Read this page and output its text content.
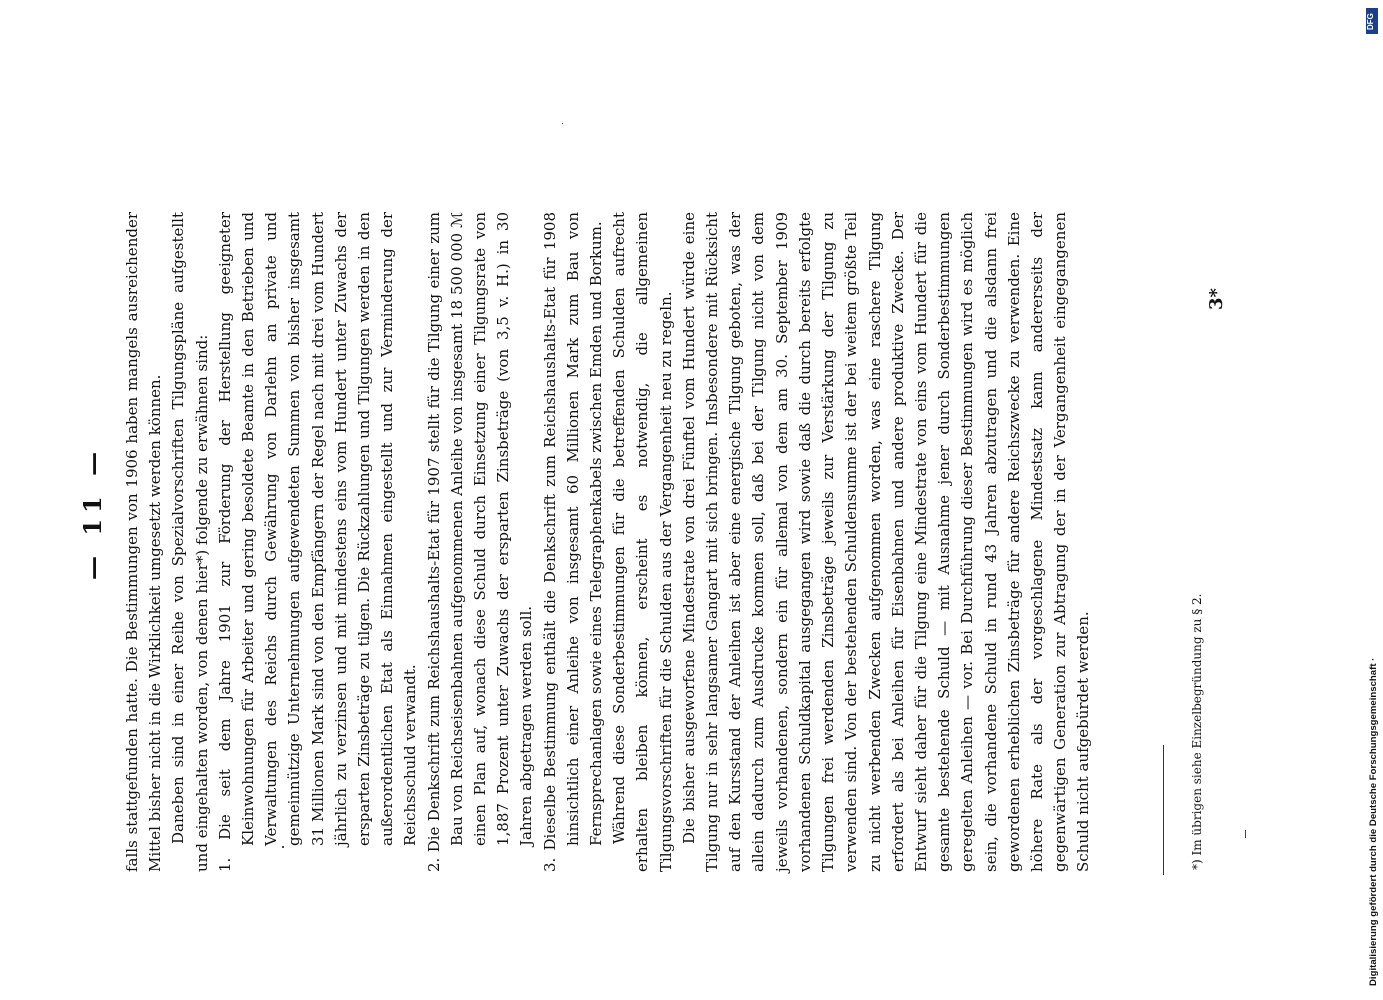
— 11 — falls stattgefunden hatte. Die Bestimmungen von 1906 haben mangels ausreichender Mittel bisher nicht in die Wirklichkeit umgesetzt werden können. Daneben sind in einer Reihe von Spezialvorschriften Tilgungspläne aufgestellt und eingehalten worden, von denen hier*) folgende zu erwähnen sind: 1. Die seit dem Jahre 1901 zur Förderung der Herstellung geeigneter Kleinwohnungen für Arbeiter und gering besoldete Beamte in den Betrieben und Verwaltungen des Reichs durch Gewährung von Darlehn an private und gemeinnützige Unternehmungen aufgewendeten Summen von bisher insgesamt 31 Millionen Mark sind von den Empfängern der Regel nach mit drei vom Hundert jährlich zu verzinsen und mit mindestens eins vom Hundert unter Zuwachs der ersparten Zinsbeträge zu tilgen. Die Rückzahlungen und Tilgungen werden in den außerordentlichen Etat als Einnahmen eingestellt und zur Verminderung der Reichsschuld verwandt. 2. Die Denkschrift zum Reichshaushalts-Etat für 1907 stellt für die Tilgung einer zum Bau von Reichseisenbahnen aufgenommenen Anleihe von insgesamt 18 500 000 ℳ einen Plan auf, wonach diese Schuld durch Einsetzung einer Tilgungsrate von 1,887 Prozent unter Zuwachs der ersparten Zinsbeträge (von 3,5 v. H.) in 30 Jahren abgetragen werden soll. 3. Dieselbe Bestimmung enthält die Denkschrift zum Reichshaushalts-Etat für 1908 hinsichtlich einer Anleihe von insgesamt 60 Millionen Mark zum Bau von Fernsprechanlagen sowie eines Telegraphenkabels zwischen Emden und Borkum. Während diese Sonderbestimmungen für die betreffenden Schulden aufrecht erhalten bleiben können, erscheint es notwendig, die allgemeinen Tilgungsvorschriften für die Schulden aus der Vergangenheit neu zu regeln. Die bisher ausgeworfene Mindestrate von drei Fünftel vom Hundert würde eine Tilgung nur in sehr langsamer Gangart mit sich bringen. Insbesondere mit Rücksicht auf den Kursstand der Anleihen ist aber eine energische Tilgung geboten, was der allein dadurch zum Ausdrucke kommen soll, daß bei der Tilgung nicht von dem jeweils vorhandenen, sondern ein für allemal von dem am 30. September 1909 vorhandenen Schuldkapital ausgegangen wird sowie daß die durch bereits erfolgte Tilgungen frei werdenden Zinsbeträge jeweils zur Verstärkung der Tilgung zu verwenden sind. Von der bestehenden Schuldensumme ist der bei weitem größte Teil zu nicht werbenden Zwecken aufgenommen worden, was eine raschere Tilgung erfordert als bei Anleihen für Eisenbahnen und andere produktive Zwecke. Der Entwurf sieht daher für die Tilgung eine Mindestrate von eins vom Hundert für die gesamte bestehende Schuld — mit Ausnahme jener durch Sonderbestimmungen geregelten Anleihen — vor. Bei Durchführung dieser Bestimmungen wird es möglich sein, die vorhandene Schuld in rund 43 Jahren abzutragen und die alsdann frei gewordenen erheblichen Zinsbeträge für andere Reichszwecke zu verwenden. Eine höhere Rate als der vorgeschlagene Mindestsatz kann andererseits der gegenwärtigen Generation zur Abtragung der in der Vergangenheit eingegangenen Schuld nicht aufgebürdet werden.	*) Im übrigen siehe Einzelbegründung zu § 2.
3*
DFG
Digitalisierung gefördert durch die Deutsche Forschungsgemeinschaft ·
